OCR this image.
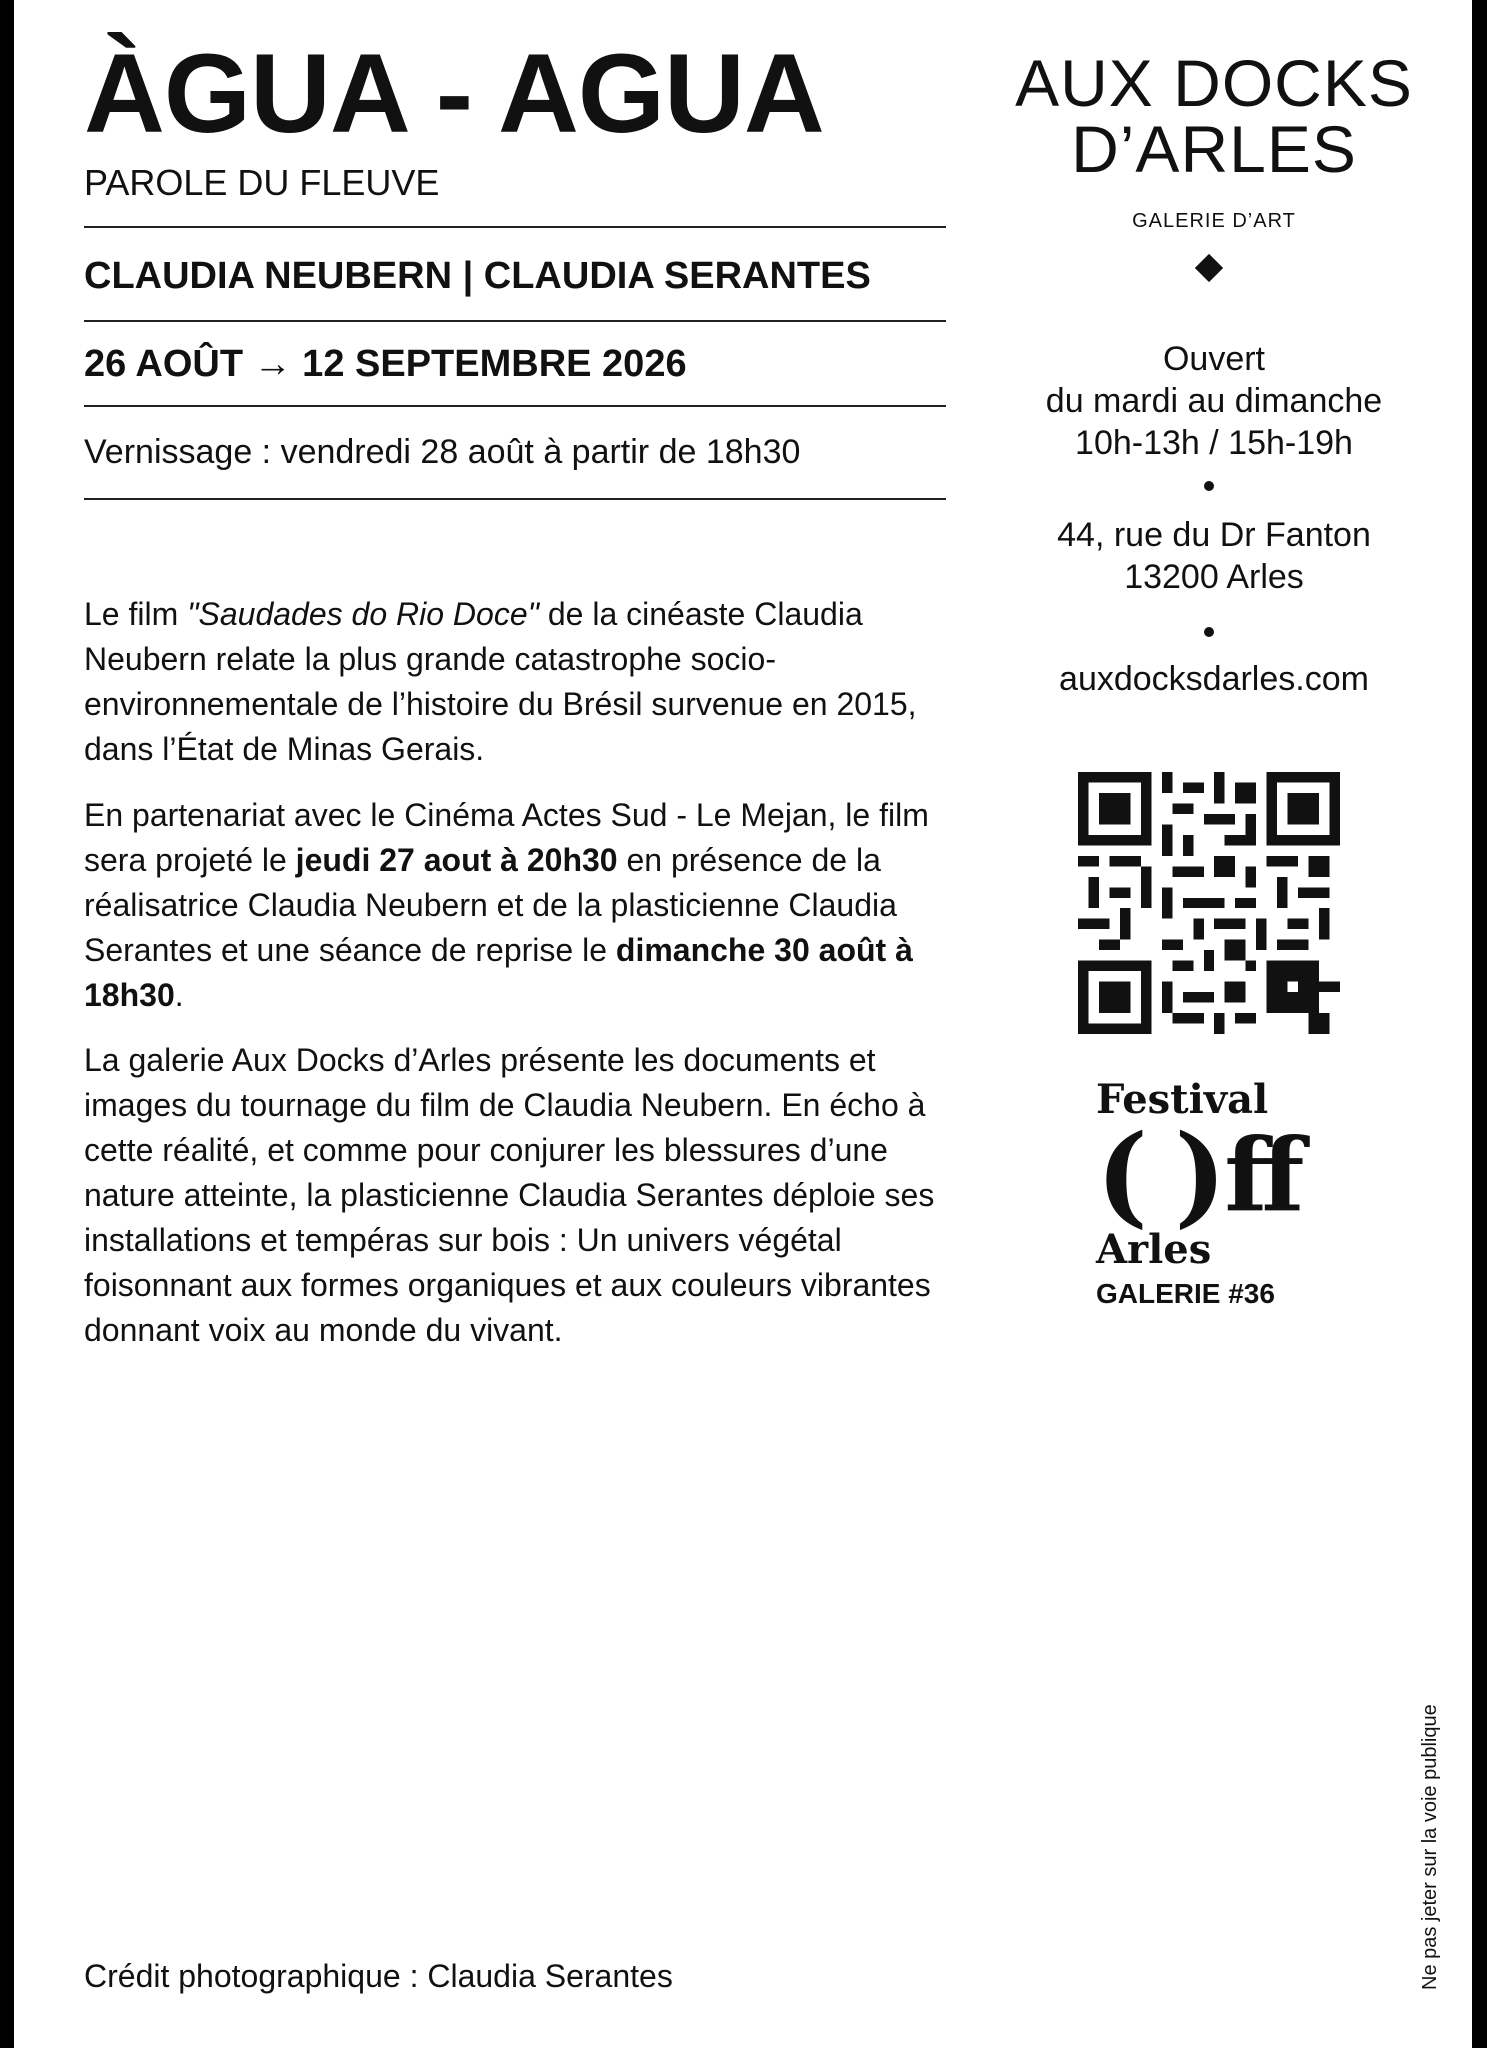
ÀGUA - AGUA
PAROLE DU FLEUVE
CLAUDIA NEUBERN | CLAUDIA SERANTES
26 AOÛT → 12 SEPTEMBRE 2026
Vernissage : vendredi 28 août à partir de 18h30

Le film "Saudades do Rio Doce" de la cinéaste Claudia Neubern relate la plus grande catastrophe socio-environnementale de l’histoire du Brésil survenue en 2015, dans l’État de Minas Gerais.

En partenariat avec le Cinéma Actes Sud - Le Mejan, le film sera projeté le jeudi 27 aout à 20h30 en présence de la réalisatrice Claudia Neubern et de la plasticienne Claudia Serantes et une séance de reprise le dimanche 30 août à 18h30.

La galerie Aux Docks d’Arles présente les documents et images du tournage du film de Claudia Neubern. En écho à cette réalité, et comme pour conjurer les blessures d’une nature atteinte, la plasticienne Claudia Serantes déploie ses installations et tempéras sur bois : Un univers végétal foisonnant aux formes organiques et aux couleurs vibrantes donnant voix au monde du vivant.

Crédit photographique : Claudia Serantes
AUX DOCKS
D’ARLES
GALERIE D’ART
Ouvert
du mardi au dimanche
10h-13h / 15h-19h
44, rue du Dr Fanton
13200 Arles
auxdocksdarles.com
Festival
( ) ff
Arles
GALERIE #36
Ne pas jeter sur la voie publique
